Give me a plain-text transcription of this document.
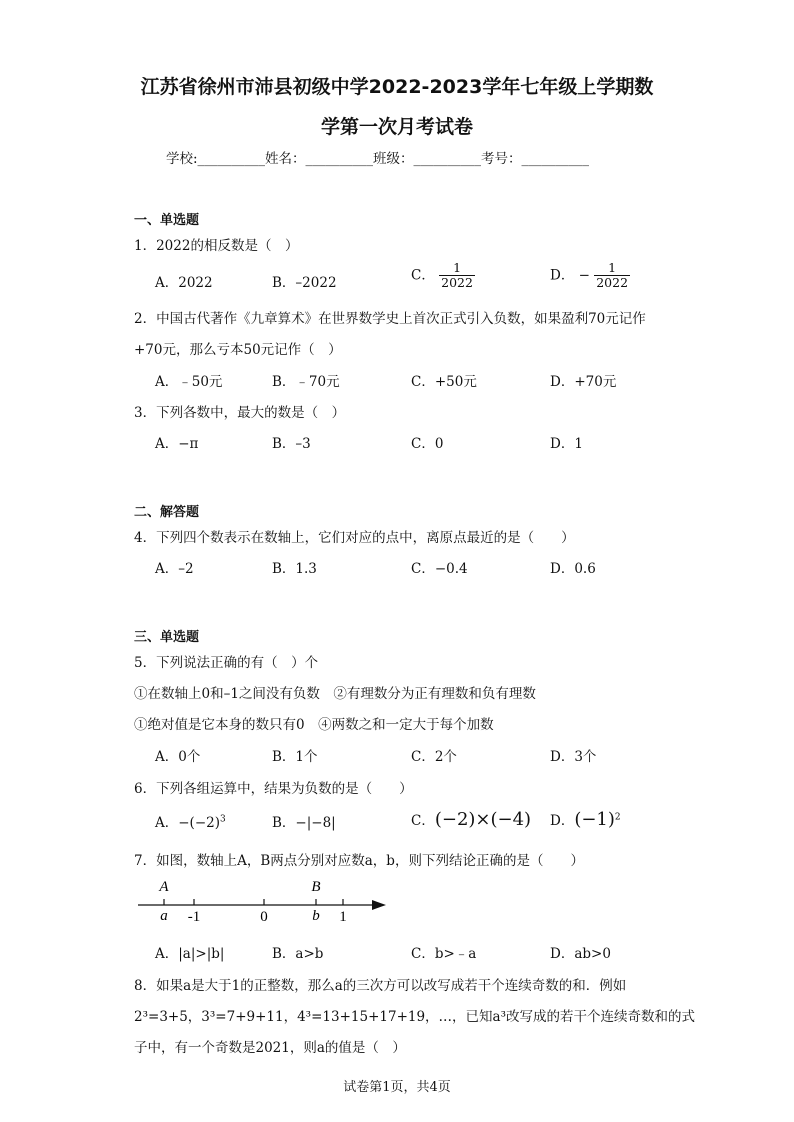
江苏省徐州市沛县初级中学2022-2023学年七年级上学期数
学第一次月考试卷
学校:__________姓名：__________班级：__________考号：__________
一、单选题
1．2022的相反数是（　）
A．2022	B．–2022	C． $\frac{1}{2022}$	D． − $\frac{1}{2022}$
2．中国古代著作《九章算术》在世界数学史上首次正式引入负数，如果盈利70元记作
+70元，那么亏本50元记作（　）
A．﹣50元	B．﹣70元	C．+50元	D．+70元
3．下列各数中，最大的数是（　）
A．−π	B．–3	C．0	D．1
二、解答题
4．下列四个数表示在数轴上，它们对应的点中，离原点最近的是（　　）
A．–2	B．1.3	C．−0.4	D．0.6
三、单选题
5．下列说法正确的有（　）个
①在数轴上0和–1之间没有负数　②有理数分为正有理数和负有理数
①绝对值是它本身的数只有0　④两数之和一定大于每个加数
A．0个	B．1个	C．2个	D．3个
6．下列各组运算中，结果为负数的是（　　）
A．$-(-2)^3$	B．−|−8|	C．(−2)×(−4) D．$(-1)^2$
7．如图，数轴上A，B两点分别对应数a，b，则下列结论正确的是（　　）
A	B
a	b
-1	0	1
A．|a|>|b|	B．a>b	C．b>﹣a	D．ab>0
8．如果a是大于1的正整数，那么a的三次方可以改写成若干个连续奇数的和．例如
2³=3+5，3³=7+9+11，4³=13+15+17+19，…，已知a³改写成的若干个连续奇数和的式
子中，有一个奇数是2021，则a的值是（　）
试卷第1页，共4页
